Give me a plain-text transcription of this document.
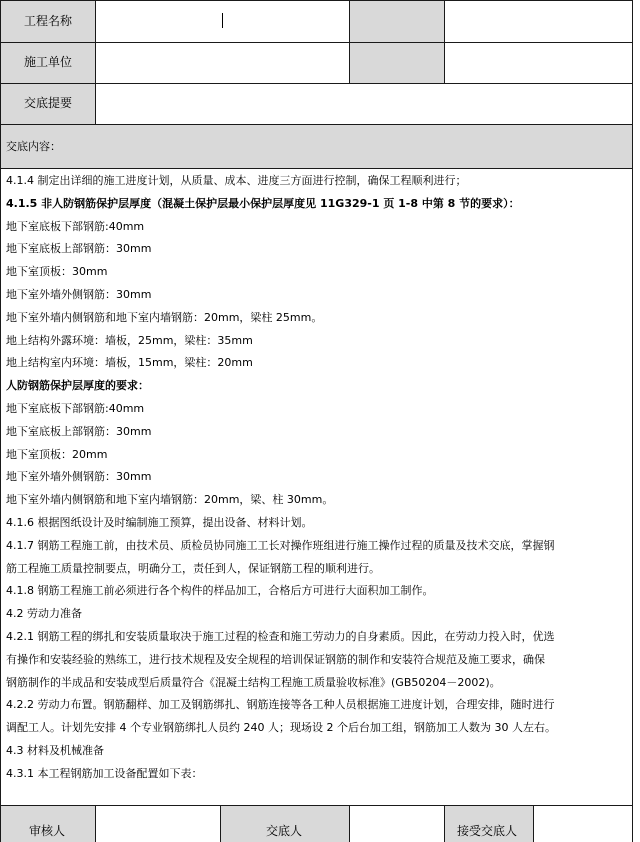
工程名称
施工单位
交底提要
交底内容：
4.1.4 制定出详细的施工进度计划，从质量、成本、进度三方面进行控制，确保工程顺利进行；
4.1.5 非人防钢筋保护层厚度（混凝土保护层最小保护层厚度见 11G329-1 页 1-8 中第 8 节的要求）：
地下室底板下部钢筋:40mm
地下室底板上部钢筋：30mm
地下室顶板：30mm
地下室外墙外侧钢筋：30mm
地下室外墙内侧钢筋和地下室内墙钢筋：20mm，梁柱 25mm。
地上结构外露环境：墙板，25mm，梁柱：35mm
地上结构室内环境：墙板，15mm，梁柱：20mm
人防钢筋保护层厚度的要求：
地下室底板下部钢筋:40mm
地下室底板上部钢筋：30mm
地下室顶板：20mm
地下室外墙外侧钢筋：30mm
地下室外墙内侧钢筋和地下室内墙钢筋：20mm，梁、柱 30mm。
4.1.6 根据图纸设计及时编制施工预算，提出设备、材料计划。
4.1.7 钢筋工程施工前，由技术员、质检员协同施工工长对操作班组进行施工操作过程的质量及技术交底，掌握钢
筋工程施工质量控制要点，明确分工，责任到人，保证钢筋工程的顺利进行。
4.1.8 钢筋工程施工前必须进行各个构件的样品加工，合格后方可进行大面积加工制作。
4.2 劳动力准备
4.2.1 钢筋工程的绑扎和安装质量取决于施工过程的检查和施工劳动力的自身素质。因此，在劳动力投入时，优选
有操作和安装经验的熟练工，进行技术规程及安全规程的培训保证钢筋的制作和安装符合规范及施工要求，确保
钢筋制作的半成品和安装成型后质量符合《混凝土结构工程施工质量验收标准》(GB50204－2002)。
4.2.2 劳动力布置。钢筋翻样、加工及钢筋绑扎、钢筋连接等各工种人员根据施工进度计划，合理安排，随时进行
调配工人。计划先安排 4 个专业钢筋绑扎人员约 240 人；现场设 2 个后台加工组，钢筋加工人数为 30 人左右。
4.3 材料及机械准备
4.3.1 本工程钢筋加工设备配置如下表：
审核人	交底人	接受交底人
